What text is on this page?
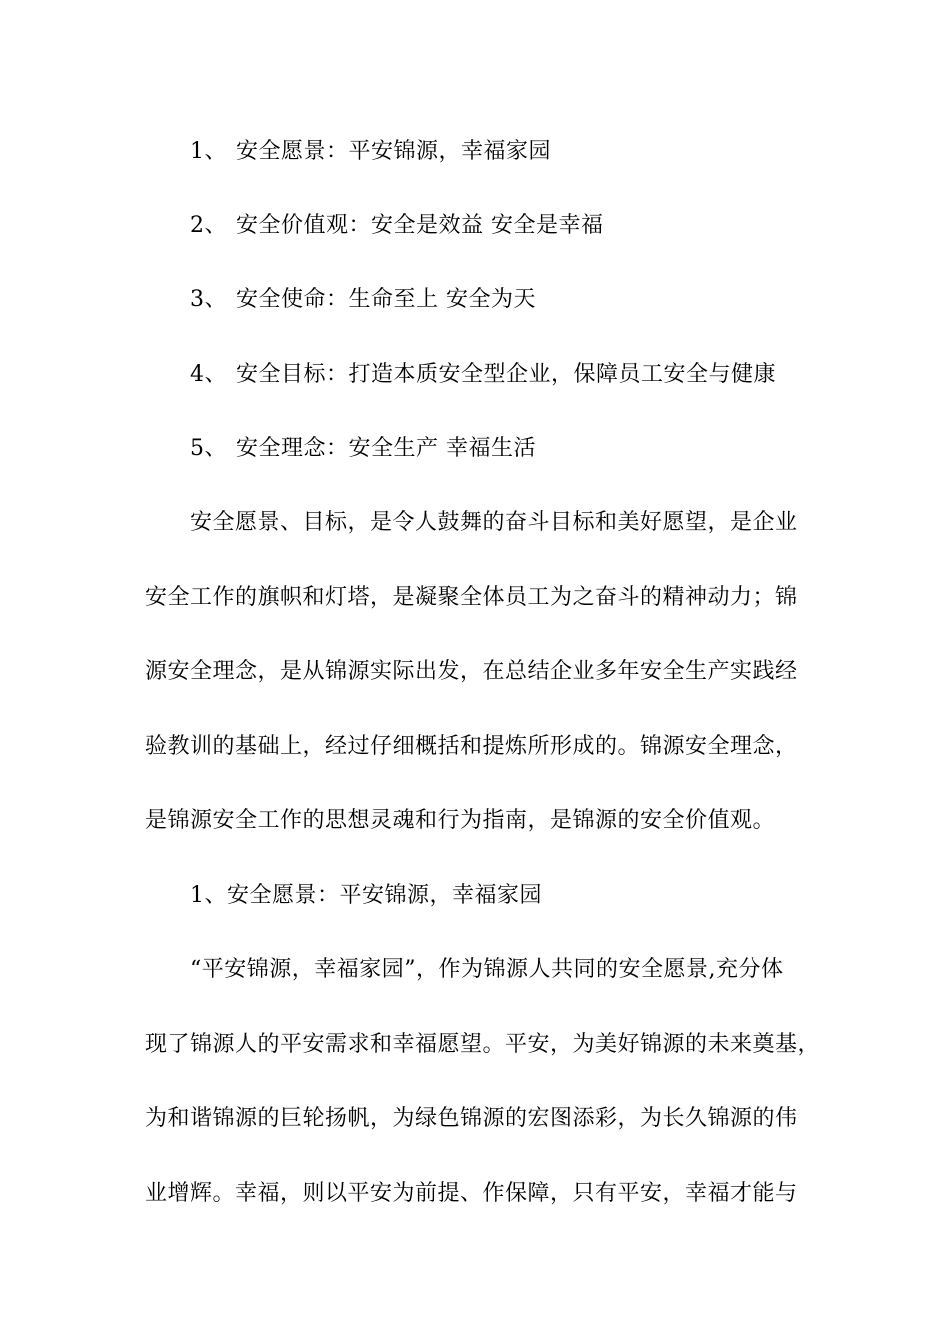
1、 安全愿景：平安锦源，幸福家园
2、 安全价值观：安全是效益 安全是幸福
3、 安全使命：生命至上 安全为天
4、 安全目标：打造本质安全型企业，保障员工安全与健康
5、 安全理念：安全生产 幸福生活
安全愿景、目标，是令人鼓舞的奋斗目标和美好愿望，是企业
安全工作的旗帜和灯塔，是凝聚全体员工为之奋斗的精神动力；锦
源安全理念，是从锦源实际出发，在总结企业多年安全生产实践经
验教训的基础上，经过仔细概括和提炼所形成的。锦源安全理念，
是锦源安全工作的思想灵魂和行为指南，是锦源的安全价值观。
1、安全愿景：平安锦源，幸福家园
“平安锦源，幸福家园”，作为锦源人共同的安全愿景,充分体
现了锦源人的平安需求和幸福愿望。平安，为美好锦源的未来奠基，
为和谐锦源的巨轮扬帆，为绿色锦源的宏图添彩，为长久锦源的伟
业增辉。幸福，则以平安为前提、作保障，只有平安，幸福才能与
